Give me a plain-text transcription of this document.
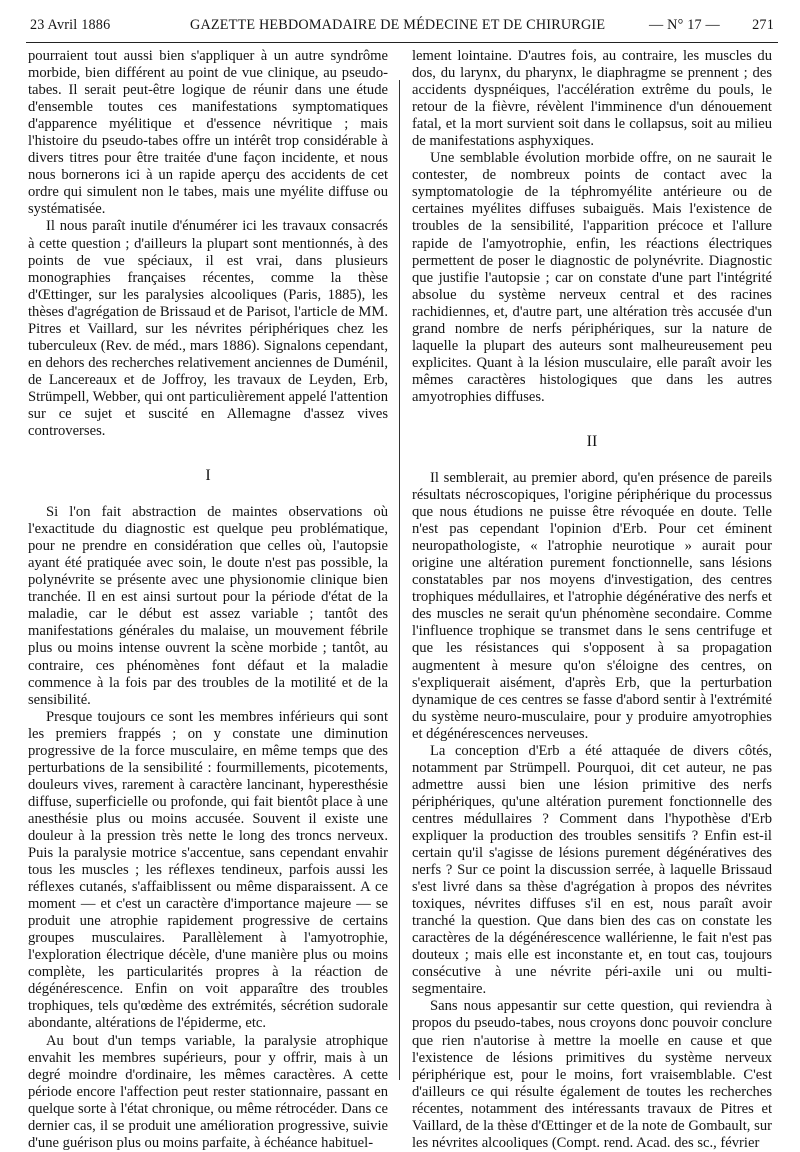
23 Avril 1886	GAZETTE HEBDOMADAIRE DE MÉDECINE ET DE CHIRURGIE	— N° 17 — 271

pourraient tout aussi bien s'appliquer à un autre syndrôme morbide, bien différent au point de vue clinique, au pseudo-tabes. Il serait peut-être logique de réunir dans une étude d'ensemble toutes ces manifestations symptomatiques d'apparence myélitique et d'essence névritique ; mais l'histoire du pseudo-tabes offre un intérêt trop considérable à divers titres pour être traitée d'une façon incidente, et nous nous bornerons ici à un rapide aperçu des accidents de cet ordre qui simulent non le tabes, mais une myélite diffuse ou systématisée.

Il nous paraît inutile d'énumérer ici les travaux consacrés à cette question ; d'ailleurs la plupart sont mentionnés, à des points de vue spéciaux, il est vrai, dans plusieurs monographies françaises récentes, comme la thèse d'Œttinger, sur les paralysies alcooliques (Paris, 1885), les thèses d'agrégation de Brissaud et de Parisot, l'article de MM. Pitres et Vaillard, sur les névrites périphériques chez les tuberculeux (Rev. de méd., mars 1886). Signalons cependant, en dehors des recherches relativement anciennes de Duménil, de Lancereaux et de Joffroy, les travaux de Leyden, Erb, Strümpell, Webber, qui ont particulièrement appelé l'attention sur ce sujet et suscité en Allemagne d'assez vives controverses.

I

Si l'on fait abstraction de maintes observations où l'exactitude du diagnostic est quelque peu problématique, pour ne prendre en considération que celles où, l'autopsie ayant été pratiquée avec soin, le doute n'est pas possible, la polynévrite se présente avec une physionomie clinique bien tranchée. Il en est ainsi surtout pour la période d'état de la maladie, car le début est assez variable ; tantôt des manifestations générales du malaise, un mouvement fébrile plus ou moins intense ouvrent la scène morbide ; tantôt, au contraire, ces phénomènes font défaut et la maladie commence à la fois par des troubles de la motilité et de la sensibilité.

Presque toujours ce sont les membres inférieurs qui sont les premiers frappés ; on y constate une diminution progressive de la force musculaire, en même temps que des perturbations de la sensibilité : fourmillements, picotements, douleurs vives, rarement à caractère lancinant, hyperesthésie diffuse, superficielle ou profonde, qui fait bientôt place à une anesthésie plus ou moins accusée. Souvent il existe une douleur à la pression très nette le long des troncs nerveux. Puis la paralysie motrice s'accentue, sans cependant envahir tous les muscles ; les réflexes tendineux, parfois aussi les réflexes cutanés, s'affaiblissent ou même disparaissent. A ce moment — et c'est un caractère d'importance majeure — se produit une atrophie rapidement progressive de certains groupes musculaires. Parallèlement à l'amyotrophie, l'exploration électrique décèle, d'une manière plus ou moins complète, les particularités propres à la réaction de dégénérescence. Enfin on voit apparaître des troubles trophiques, tels qu'œdème des extrémités, sécrétion sudorale abondante, altérations de l'épiderme, etc.

Au bout d'un temps variable, la paralysie atrophique envahit les membres supérieurs, pour y offrir, mais à un degré moindre d'ordinaire, les mêmes caractères. A cette période encore l'affection peut rester stationnaire, passant en quelque sorte à l'état chronique, ou même rétrocéder. Dans ce dernier cas, il se produit une amélioration progressive, suivie d'une guérison plus ou moins parfaite, à échéance habituel-

lement lointaine. D'autres fois, au contraire, les muscles du dos, du larynx, du pharynx, le diaphragme se prennent ; des accidents dyspnéiques, l'accélération extrême du pouls, le retour de la fièvre, révèlent l'imminence d'un dénouement fatal, et la mort survient soit dans le collapsus, soit au milieu de manifestations asphyxiques.

Une semblable évolution morbide offre, on ne saurait le contester, de nombreux points de contact avec la symptomatologie de la téphromyélite antérieure ou de certaines myélites diffuses subaiguës. Mais l'existence de troubles de la sensibilité, l'apparition précoce et l'allure rapide de l'amyotrophie, enfin, les réactions électriques permettent de poser le diagnostic de polynévrite. Diagnostic que justifie l'autopsie ; car on constate d'une part l'intégrité absolue du système nerveux central et des racines rachidiennes, et, d'autre part, une altération très accusée d'un grand nombre de nerfs périphériques, sur la nature de laquelle la plupart des auteurs sont malheureusement peu explicites. Quant à la lésion musculaire, elle paraît avoir les mêmes caractères histologiques que dans les autres amyotrophies diffuses.

II

Il semblerait, au premier abord, qu'en présence de pareils résultats nécroscopiques, l'origine périphérique du processus que nous étudions ne puisse être révoquée en doute. Telle n'est pas cependant l'opinion d'Erb. Pour cet éminent neuropathologiste, « l'atrophie neurotique » aurait pour origine une altération purement fonctionnelle, sans lésions constatables par nos moyens d'investigation, des centres trophiques médullaires, et l'atrophie dégénérative des nerfs et des muscles ne serait qu'un phénomène secondaire. Comme l'influence trophique se transmet dans le sens centrifuge et que les résistances qui s'opposent à sa propagation augmentent à mesure qu'on s'éloigne des centres, on s'expliquerait aisément, d'après Erb, que la perturbation dynamique de ces centres se fasse d'abord sentir à l'extrémité du système neuro-musculaire, pour y produire amyotrophies et dégénérescences nerveuses.

La conception d'Erb a été attaquée de divers côtés, notamment par Strümpell. Pourquoi, dit cet auteur, ne pas admettre aussi bien une lésion primitive des nerfs périphériques, qu'une altération purement fonctionnelle des centres médullaires ? Comment dans l'hypothèse d'Erb expliquer la production des troubles sensitifs ? Enfin est-il certain qu'il s'agisse de lésions purement dégénératives des nerfs ? Sur ce point la discussion serrée, à laquelle Brissaud s'est livré dans sa thèse d'agrégation à propos des névrites toxiques, névrites diffuses s'il en est, nous paraît avoir tranché la question. Que dans bien des cas on constate les caractères de la dégénérescence wallérienne, le fait n'est pas douteux ; mais elle est inconstante et, en tout cas, toujours consécutive à une névrite péri-axile uni ou multi-segmentaire.

Sans nous appesantir sur cette question, qui reviendra à propos du pseudo-tabes, nous croyons donc pouvoir conclure que rien n'autorise à mettre la moelle en cause et que l'existence de lésions primitives du système nerveux périphérique est, pour le moins, fort vraisemblable. C'est d'ailleurs ce qui résulte également de toutes les recherches récentes, notamment des intéressants travaux de Pitres et Vaillard, de la thèse d'Œttinger et de la note de Gombault, sur les névrites alcooliques (Compt. rend. Acad. des sc., février
